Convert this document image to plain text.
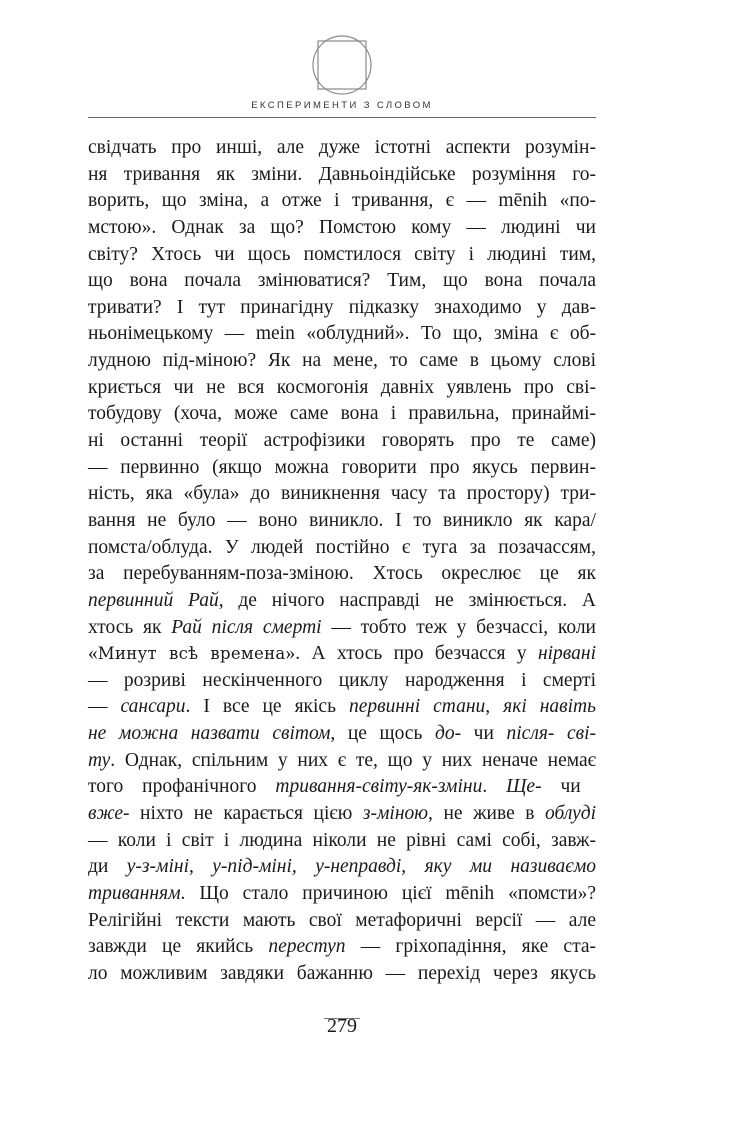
ЕКСПЕРИМЕНТИ З СЛОВОМ
свідчать про инші, але дуже істотні аспекти розумін-
ня тривання як зміни. Давньоіндійське розуміння го-
ворить, що зміна, а отже і тривання, є — mēnih «по-
мстою». Однак за що? Помстою кому — людині чи
світу? Хтось чи щось помстилося світу і людині тим,
що вона почала змінюватися? Тим, що вона почала
тривати? І тут принагідну підказку знаходимо у дав-
ньонімецькому — mein «облудний». То що, зміна є об-
лудною під-міною? Як на мене, то саме в цьому слові
криється чи не вся космогонія давніх уявлень про сві-
тобудову (хоча, може саме вона і правильна, принаймі-
ні останні теорії астрофізики говорять про те саме)
— первинно (якщо можна говорити про якусь первин-
ність, яка «була» до виникнення часу та простору) три-
вання не було — воно виникло. І то виникло як кара/
помста/облуда. У людей постійно є туга за позачассям,
за перебуванням-поза-зміною. Хтось окреслює це як
первинний Рай, де нічого насправді не змінюється. А
хтось як Рай після смерті — тобто теж у безчассі, коли
«Минут всѣ времена». А хтось про безчасся у нірвані
— розриві нескінченного циклу народження і смерті
— сансари. І все це якісь первинні стани, які навіть
не можна назвати світом, це щось до- чи після- сві-
ту. Однак, спільним у них є те, що у них неначе немає
того профанічного тривання-світу-як-зміни. Ще- чи
вже- ніхто не карається цією з-міною, не живе в облуді
— коли і світ і людина ніколи не рівні самі собі, завж-
ди у-з-міні, у-під-міні, у-неправді, яку ми називаємо
триванням. Що стало причиною цієї mēnih «помсти»?
Релігійні тексти мають свої метафоричні версії — але
завжди це якийсь переступ — гріхопадіння, яке ста-
ло можливим завдяки бажанню — перехід через якусь
279
